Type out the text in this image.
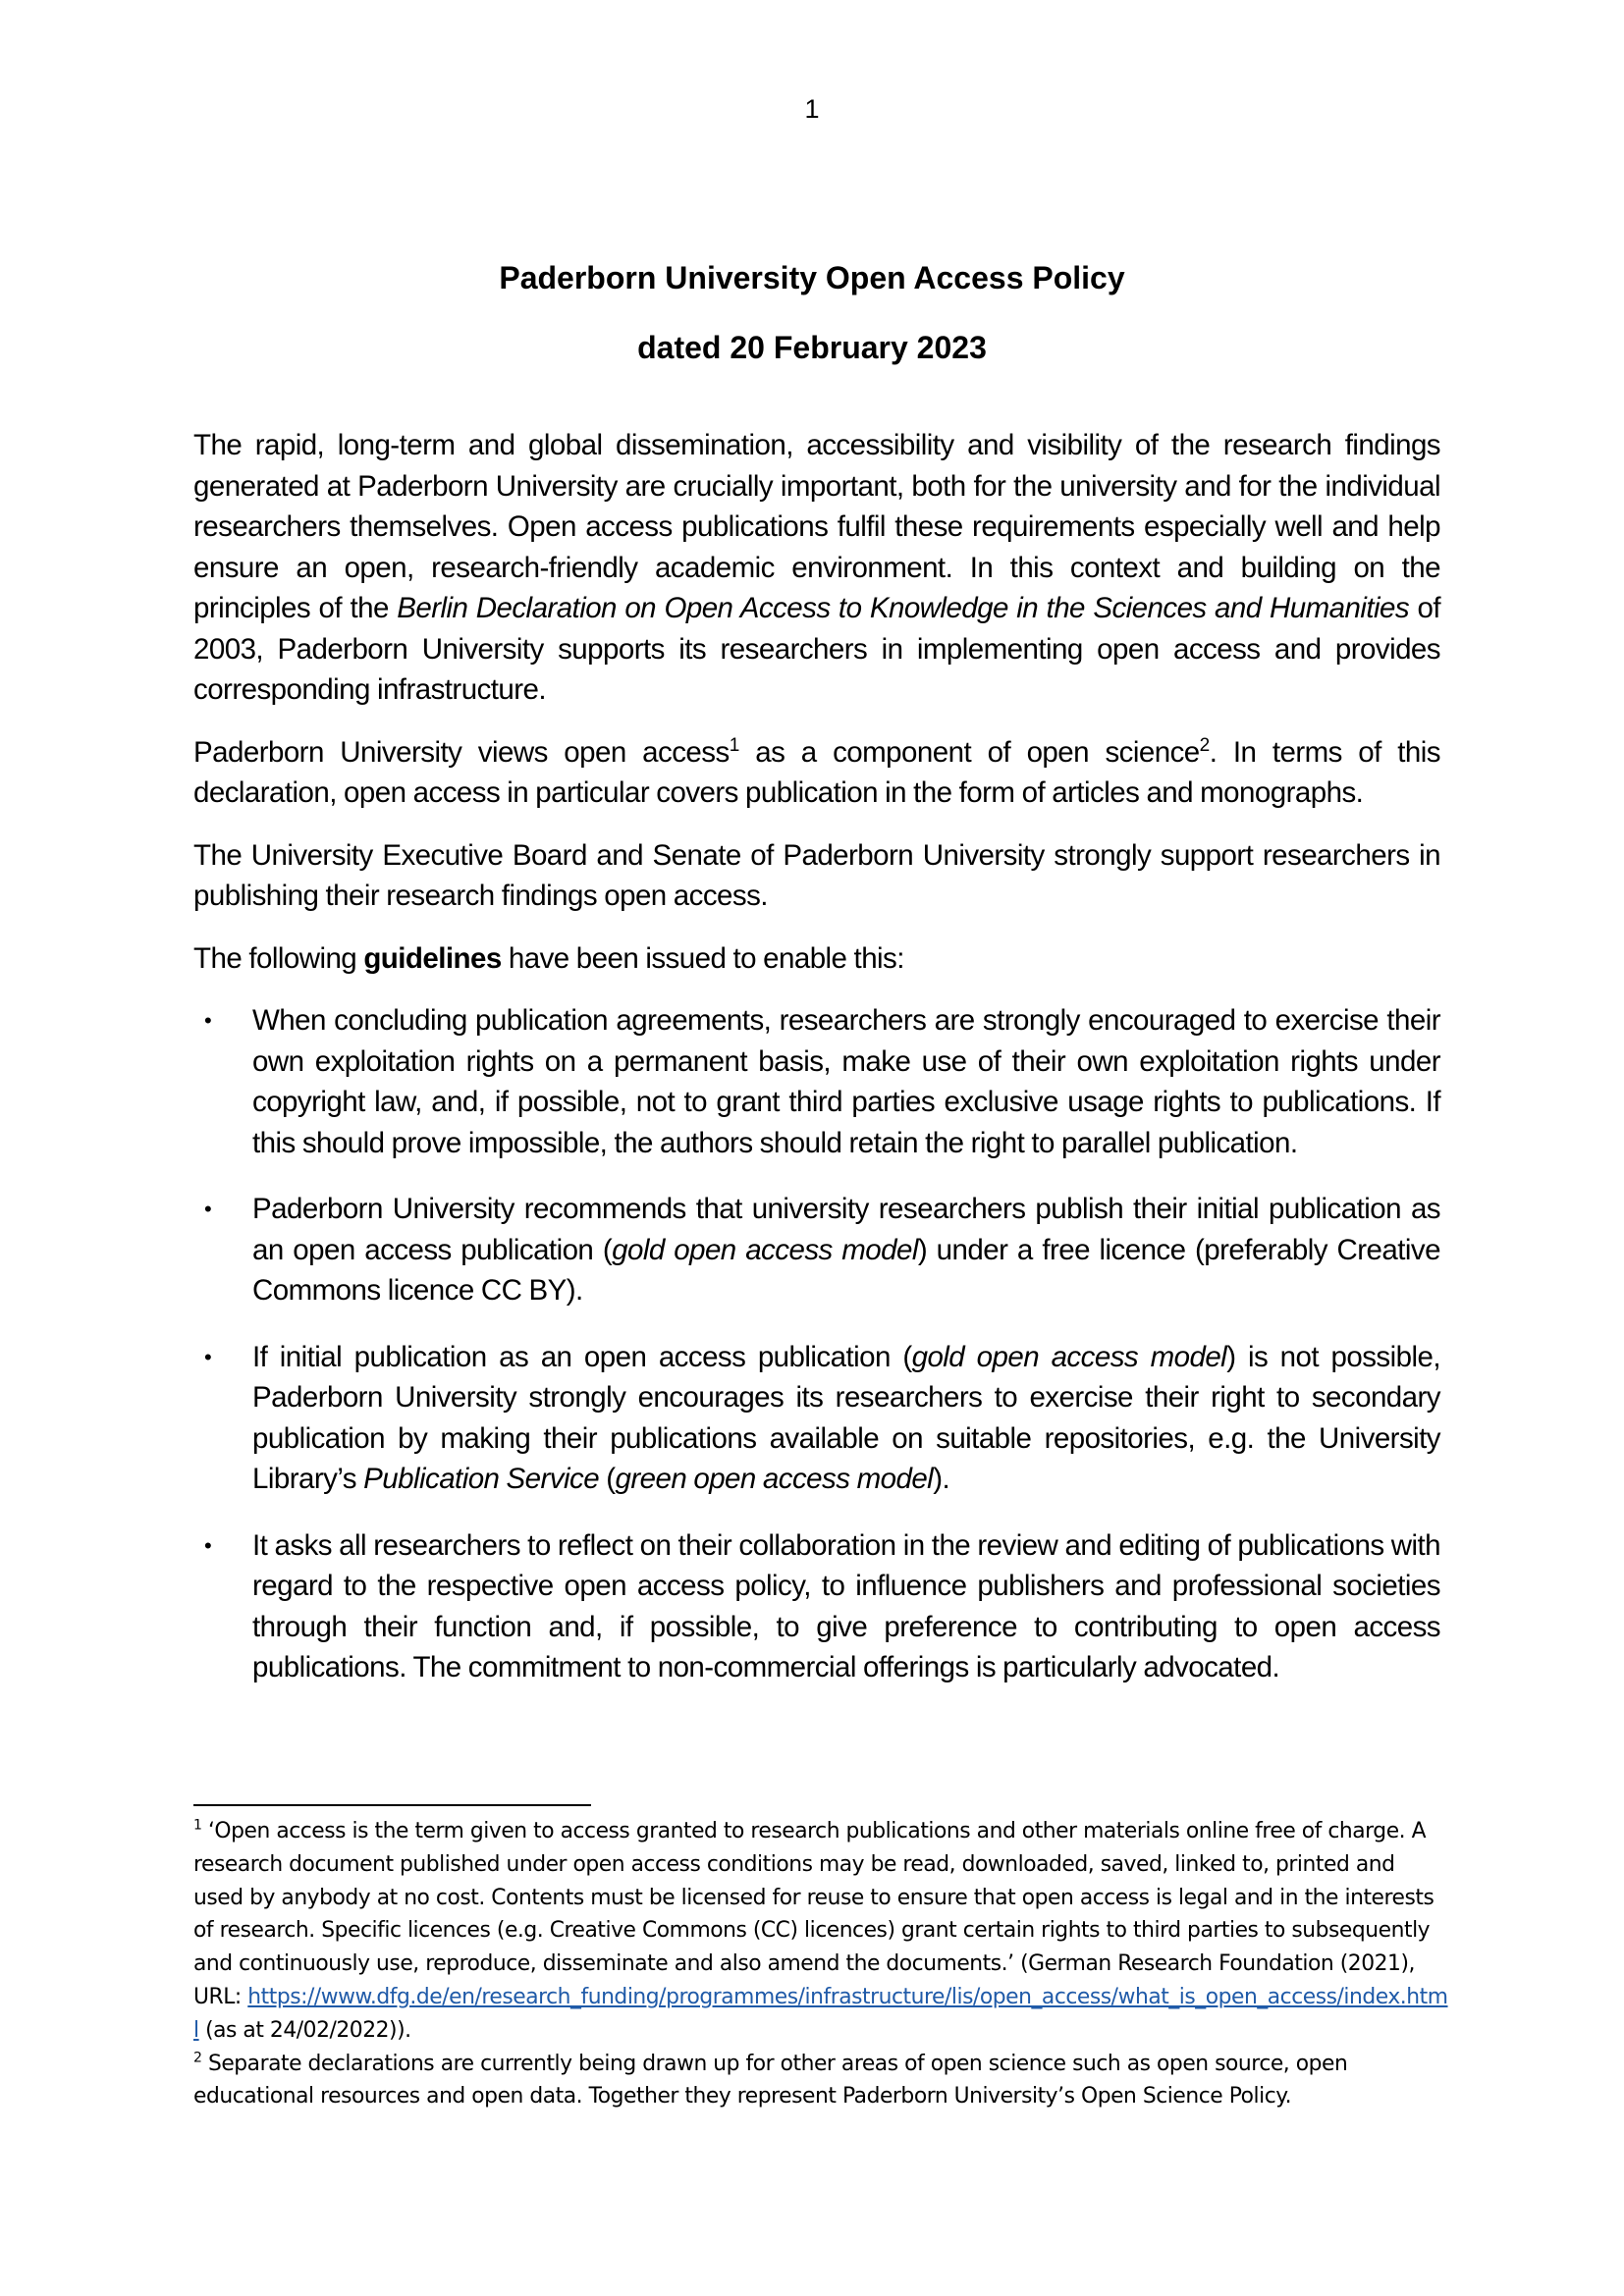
1
Paderborn University Open Access Policy
dated 20 February 2023

The rapid, long-term and global dissemination, accessibility and visibility of the research findings generated at Paderborn University are crucially important, both for the university and for the individual researchers themselves. Open access publications fulfil these requirements especially well and help ensure an open, research-friendly academic environment. In this context and building on the principles of the Berlin Declaration on Open Access to Knowledge in the Sciences and Humanities of 2003, Paderborn University supports its researchers in implementing open access and provides corresponding infrastructure.

Paderborn University views open access$^1$ as a component of open science$^2$. In terms of this declaration, open access in particular covers publication in the form of articles and monographs.

The University Executive Board and Senate of Paderborn University strongly support researchers in publishing their research findings open access.

The following guidelines have been issued to enable this:

• When concluding publication agreements, researchers are strongly encouraged to exercise their own exploitation rights on a permanent basis, make use of their own exploitation rights under copyright law, and, if possible, not to grant third parties exclusive usage rights to publications. If this should prove impossible, the authors should retain the right to parallel publication.
• Paderborn University recommends that university researchers publish their initial publication as an open access publication (gold open access model) under a free licence (preferably Creative Commons licence CC BY).
• If initial publication as an open access publication (gold open access model) is not possible, Paderborn University strongly encourages its researchers to exercise their right to secondary publication by making their publications available on suitable repositories, e.g. the University Library’s Publication Service (green open access model).
• It asks all researchers to reflect on their collaboration in the review and editing of publications with regard to the respective open access policy, to influence publishers and professional societies through their function and, if possible, to give preference to contributing to open access publications. The commitment to non-commercial offerings is particularly advocated.

$^1$ ‘Open access is the term given to access granted to research publications and other materials online free of charge. A research document published under open access conditions may be read, downloaded, saved, linked to, printed and used by anybody at no cost. Contents must be licensed for reuse to ensure that open access is legal and in the interests of research. Specific licences (e.g. Creative Commons (CC) licences) grant certain rights to third parties to subsequently and continuously use, reproduce, disseminate and also amend the documents.’ (German Research Foundation (2021), URL: https://www.dfg.de/en/research_funding/programmes/infrastructure/lis/open_access/what_is_open_access/index.html (as at 24/02/2022)).

$^2$ Separate declarations are currently being drawn up for other areas of open science such as open source, open educational resources and open data. Together they represent Paderborn University’s Open Science Policy.
